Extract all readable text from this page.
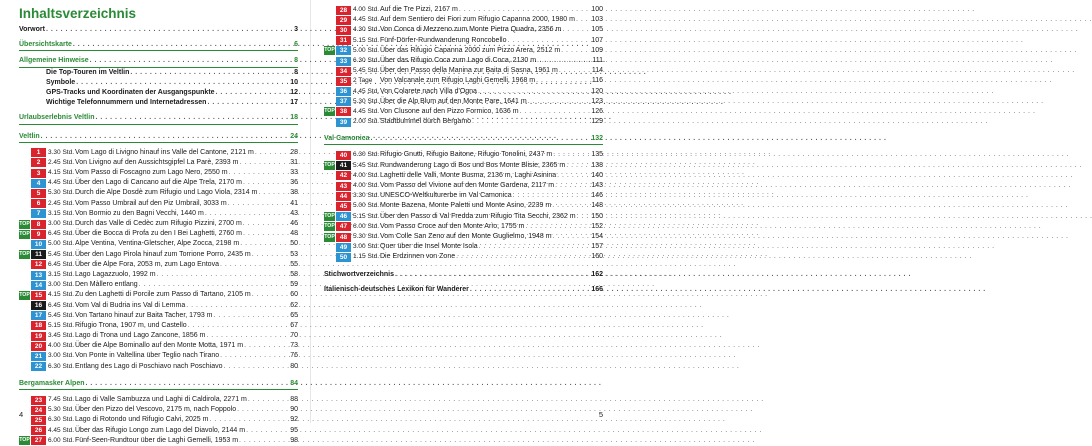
Inhaltsverzeichnis
Vorwort . . .	3
Übersichtskarte . . .	6
Allgemeine Hinweise . . .	8
Die Top-Touren im Veltlin . . .	8
Symbole . . .	10
GPS-Tracks und Koordinaten der Ausgangspunkte . . .	12
Wichtige Telefonnummern und Internetadressen . . .	17
Urlaubserlebnis Veltlin . . .	18
Veltlin . . .	24
1	3.30 Std. Vom Lago di Livigno hinauf ins Valle del Cantone, 2121 m . . .	28
2	2.45 Std. Von Livigno auf den Aussichtsgipfel La Parè, 2393 m . . .	31
3	4.15 Std. Vom Passo di Foscagno zum Lago Nero, 2550 m . . .	33
4	4.45 Std. Über den Lago di Cancano auf die Alpe Trela, 2170 m . . .	36
5	5.30 Std. Durch die Alpe Dosdè zum Rifugio und Lago Viola, 2314 m . . .	38
6	2.45 Std. Vom Passo Umbrail auf den Piz Umbrail, 3033 m . . .	41
7	3.15 Std. Von Bormio zu den Bagni Vecchi, 1440 m . . .	43
TOP	8	3.00 Std. Durch das Valle di Cedèc zum Rifugio Pizzini, 2700 m . . .	46
TOP	9	6.45 Std. Über die Bocca di Profa zu den I Bei Laghetti, 2760 m . . .	48
10 5.00 Std. Alpe Ventina, Ventina-Gletscher, Alpe Zocca, 2198 m . . .	50
TOP 11 5.45 Std. Über den Lago Pirola hinauf zum Torrione Porro, 2435 m . . .	53
12 6.45 Std. Über die Alpe Fora, 2053 m, zum Lago Entova . . .	55
13 3.15 Std. Lago Lagazzuolo, 1992 m . . .	58
14 3.00 Std. Den Màllero entlang . . .	59
TOP 15 4.15 Std. Zu den Laghetti di Porcile zum Passo di Tartano, 2105 m . . .	60
16 6.45 Std. Vom Val di Budria ins Val di Lemma . . .	62
17 5.45 Std. Von Tartano hinauf zur Baita Tacher, 1793 m . . .	65
18 5.15 Std. Rifugio Trona, 1907 m, und Castello . . .	67
19 3.45 Std. Lago di Trona und Lago Zancone, 1856 m . . .	70
20 4.00 Std. Über die Alpe Bominallo auf den Monte Motta, 1971 m . . .	73
21 3.00 Std. Von Ponte in Valtellina über Teglio nach Tirano . . .	76
22 6.30 Std. Entlang des Lago di Poschiavo nach Poschiavo . . .	80
Bergamasker Alpen . . .	84
23 7.45 Std. Lago di Valle Sambuzza und Laghi di Caldirola, 2271 m . . .	88
24 5.30 Std. Über den Pizzo del Vescovo, 2175 m, nach Foppolo . . .	90
25 6.30 Std. Lago di Rotondo und Rifugio Calvi, 2025 m . . .	92
26 4.45 Std. Über das Rifugio Longo zum Lago del Diavolo, 2144 m . . .	95
TOP 27 6.00 Std. Fünf-Seen-Rundtour über die Laghi Gemelli, 1953 m . . .	98
4
28 4.00 Std. Auf die Tre Pizzi, 2167 m . . .	100
29 4.45 Std. Auf dem Sentiero dei Fiori zum Rifugio Capanna 2000, 1980 m . . . 103
30 4.30 Std. Von Conca di Mezzeno zum Monte Pietra Quadra, 2356 m . . .	105
31 5.15 Std. Fünf-Dörfer-Rundwanderung Roncobello . . .	107
TOP 32 5.00 Std. Über das Rifugio Capanna 2000 zum Pizzo Arera, 2512 m . . .	109
33 6.30 Std. Über das Rifugio Coca zum Lago di Coca, 2130 m . . .	111
34 5.45 Std. Über den Passo della Manina zur Baita di Sasna, 1961 m . . .	114
35 2 Tage	Von Valcanale zum Rifugio Laghi Gemelli, 1968 m . . .	116
36 4.45 Std. Von Colarete nach Villa d'Ogna . . .	120
37 5.30 Std. Über die Alp Blum auf den Monte Pare, 1641 m . . .	123
TOP 38 4.45 Std. Von Clusone auf den Pizzo Formico, 1636 m . . .	126
39 2.00 Std. Stadtbummel durch Bergamo . . .	129
Val Camonica . . .	132
40 6.30 Std. Rifugio Gnutti, Rifugio Baitone, Rifugio Tonolini, 2437 m . . .	135
TOP 41 5.45 Std. Rundwanderung Lago di Bos und Bos Monte Blisie, 2365 m . . .	138
42 4.00 Std. Laghetti delle Valli, Monte Busma, 2136 m, Laghi Asinina . . .	140
43 4.00 Std. Vom Passo del Vivione auf den Monte Gardena, 2117 m . . .	143
44 3.30 Std. UNESCO-Weltkulturerbe im Val Camonica . . .	146
45 5.00 Std. Monte Bazena, Monte Paletti und Monte Asino, 2239 m . . .	148
TOP 46 5.15 Std. Über den Passo di Val Fredda zum Rifugio Tita Secchi, 2362 m . . . 150
TOP 47 6.00 Std. Vom Passo Croce auf den Monte Arìo, 1755 m . . .	152
TOP 48 5.30 Std. Vom Colle San Zeno auf den Monte Guglielmo, 1948 m . . .	154
49 3.00 Std. Quer über die Insel Monte Isola . . .	157
50 1.15 Std. Die Erdzinnen von Zone . . .	160
Stichwortverzeichnis . . .	162
Italienisch-deutsches Lexikon für Wanderer . . .	166
5
